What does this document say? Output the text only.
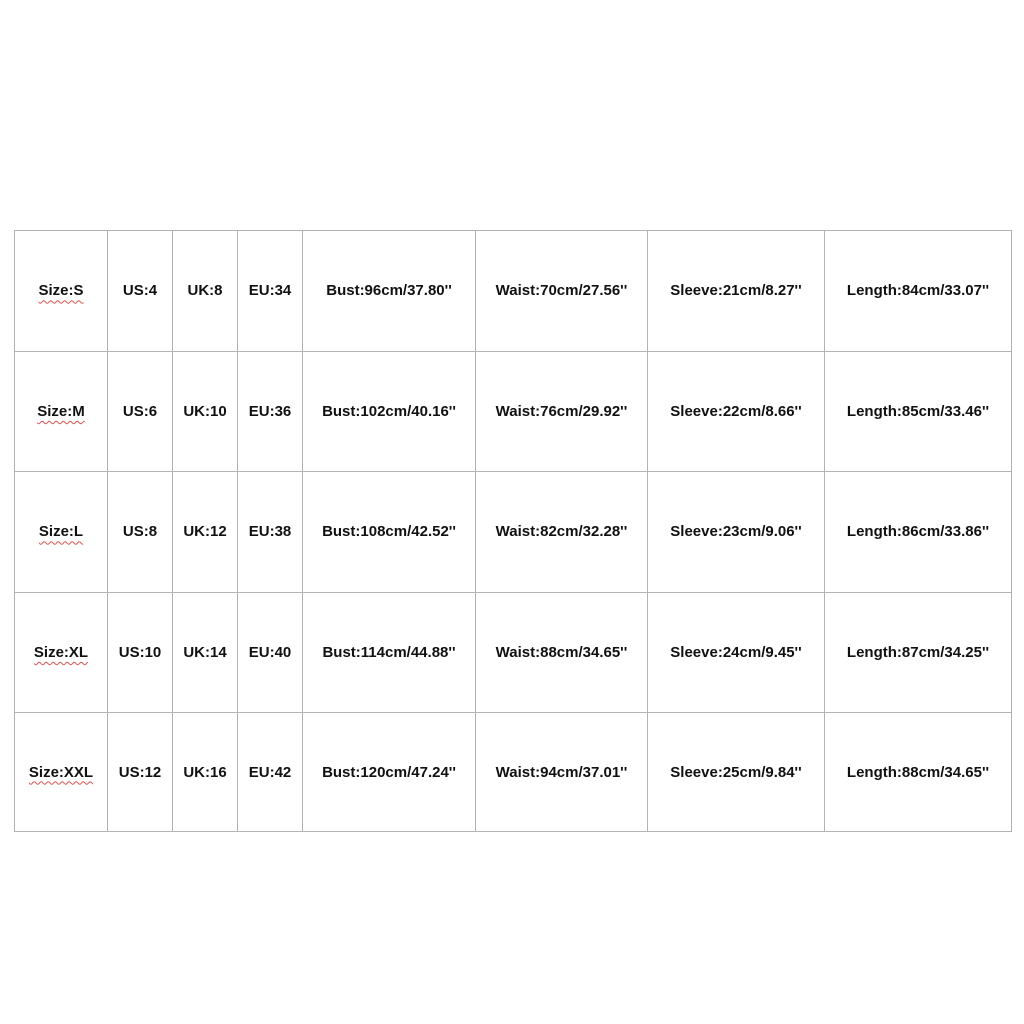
Size:S	US:4	UK:8	EU:34	Bust:96cm/37.80''	Waist:70cm/27.56''	Sleeve:21cm/8.27''	Length:84cm/33.07''
Size:M	US:6	UK:10	EU:36	Bust:102cm/40.16''	Waist:76cm/29.92''	Sleeve:22cm/8.66''	Length:85cm/33.46''
Size:L	US:8	UK:12	EU:38	Bust:108cm/42.52''	Waist:82cm/32.28''	Sleeve:23cm/9.06''	Length:86cm/33.86''
Size:XL	US:10	UK:14	EU:40	Bust:114cm/44.88''	Waist:88cm/34.65''	Sleeve:24cm/9.45''	Length:87cm/34.25''
Size:XXL	US:12	UK:16	EU:42	Bust:120cm/47.24''	Waist:94cm/37.01''	Sleeve:25cm/9.84''	Length:88cm/34.65''
